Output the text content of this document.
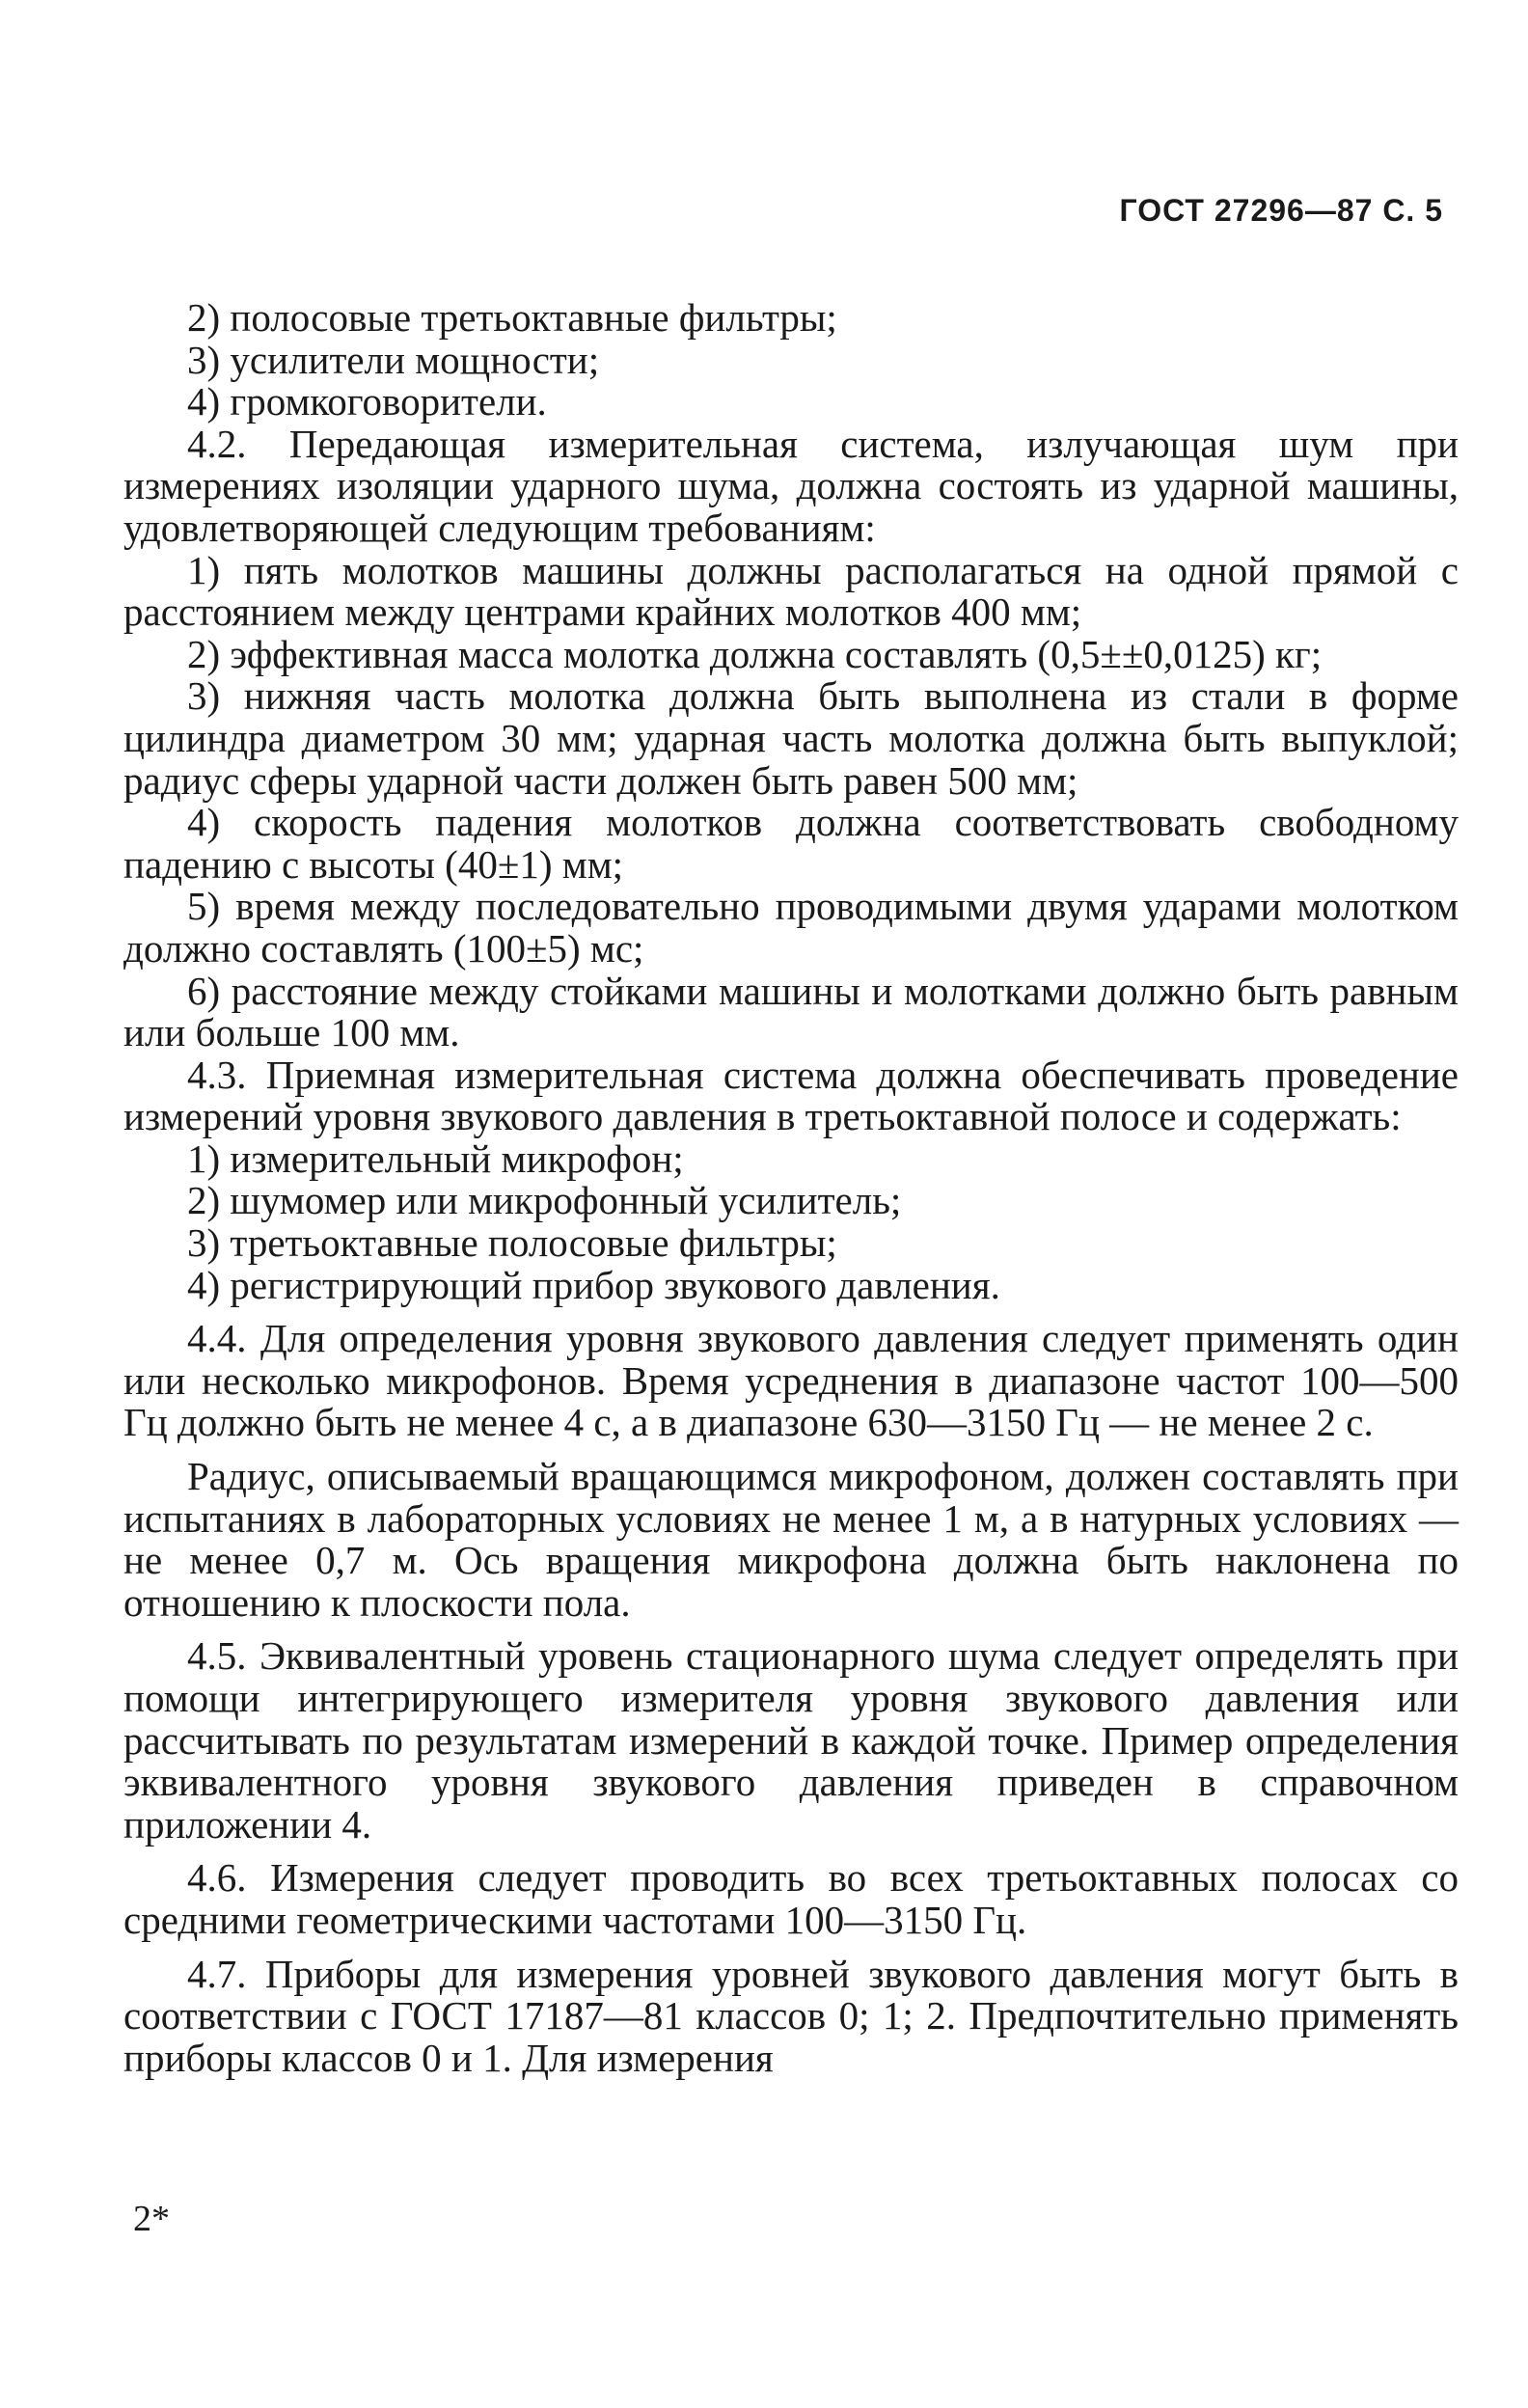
ГОСТ 27296—87 С. 5

2) полосовые третьоктавные фильтры;

3) усилители мощности;

4) громкоговорители.

4.2. Передающая измерительная система, излучающая шум при измерениях изоляции ударного шума, должна состоять из ударной машины, удовлетворяющей следующим требованиям:

1) пять молотков машины должны располагаться на одной прямой с расстоянием между центрами крайних молотков 400 мм;

2) эффективная масса молотка должна составлять (0,5±±0,0125) кг;

3) нижняя часть молотка должна быть выполнена из стали в форме цилиндра диаметром 30 мм; ударная часть молотка должна быть выпуклой; радиус сферы ударной части должен быть равен 500 мм;

4) скорость падения молотков должна соответствовать свободному падению с высоты (40±1) мм;

5) время между последовательно проводимыми двумя ударами молотком должно составлять (100±5) мс;

6) расстояние между стойками машины и молотками должно быть равным или больше 100 мм.

4.3. Приемная измерительная система должна обеспечивать проведение измерений уровня звукового давления в третьоктавной полосе и содержать:

1) измерительный микрофон;

2) шумомер или микрофонный усилитель;

3) третьоктавные полосовые фильтры;

4) регистрирующий прибор звукового давления.

4.4. Для определения уровня звукового давления следует применять один или несколько микрофонов. Время усреднения в диапазоне частот 100—500 Гц должно быть не менее 4 с, а в диапазоне 630—3150 Гц — не менее 2 с.

Радиус, описываемый вращающимся микрофоном, должен составлять при испытаниях в лабораторных условиях не менее 1 м, а в натурных условиях — не менее 0,7 м. Ось вращения микрофона должна быть наклонена по отношению к плоскости пола.

4.5. Эквивалентный уровень стационарного шума следует определять при помощи интегрирующего измерителя уровня звукового давления или рассчитывать по результатам измерений в каждой точке. Пример определения эквивалентного уровня звукового давления приведен в справочном приложении 4.

4.6. Измерения следует проводить во всех третьоктавных полосах со средними геометрическими частотами 100—3150 Гц.

4.7. Приборы для измерения уровней звукового давления могут быть в соответствии с ГОСТ 17187—81 классов 0; 1; 2. Предпочтительно применять приборы классов 0 и 1. Для измерения

2*
